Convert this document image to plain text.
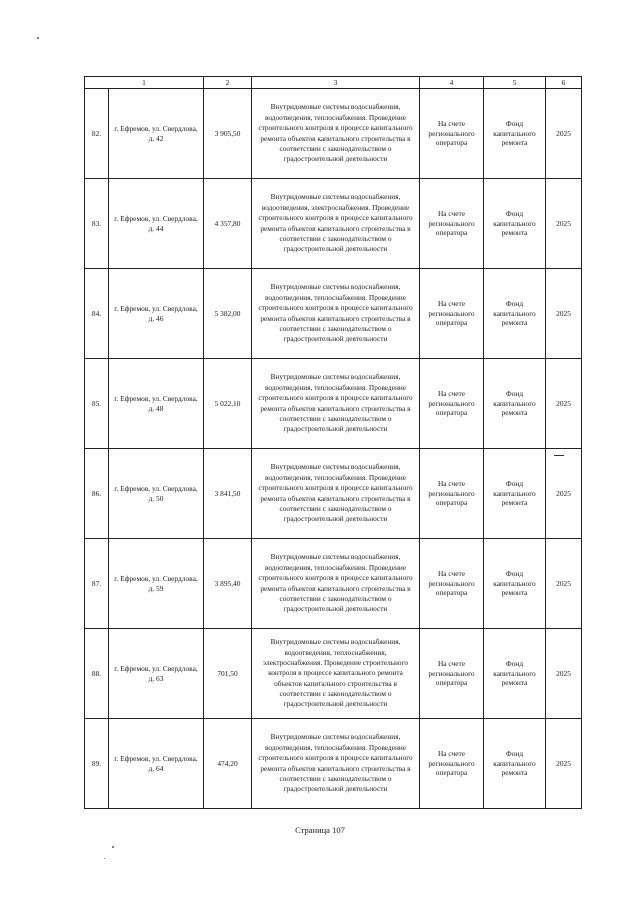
1		2	3	4	5	6
82.	г. Ефремов, ул. Свердлова, д. 42	3 905,50	Внутридомовые системы водоснабжения, водоотведения, теплоснабжения. Проведение строительного контроля в процессе капитального ремонта объектов капитального строительства в соответствии с законодательством о градостроительной деятельности	На счете регионального оператора	Фонд капитального ремонта	2025
83.	г. Ефремов, ул. Свердлова, д. 44	4 357,80	Внутридомовые системы водоснабжения, водоотведения, электроснабжения. Проведение строительного контроля в процессе капитального ремонта объектов капитального строительства в соответствии с законодательством о градостроительной деятельности	На счете регионального оператора	Фонд капитального ремонта	2025
84.	г. Ефремов, ул. Свердлова, д. 46	5 382,00	Внутридомовые системы водоснабжения, водоотведения, теплоснабжения. Проведение строительного контроля в процессе капитального ремонта объектов капитального строительства в соответствии с законодательством о градостроительной деятельности	На счете регионального оператора	Фонд капитального ремонта	2025
85.	г. Ефремов, ул. Свердлова, д. 48	5 022,10	Внутридомовые системы водоснабжения, водоотведения, теплоснабжения. Проведение строительного контроля в процессе капитального ремонта объектов капитального строительства в соответствии с законодательством о градостроительной деятельности	На счете регионального оператора	Фонд капитального ремонта	2025
86.	г. Ефремов, ул. Свердлова, д. 50	3 841,50	Внутридомовые системы водоснабжения, водоотведения, теплоснабжения. Проведение строительного контроля в процессе капитального ремонта объектов капитального строительства в соответствии с законодательством о градостроительной деятельности	На счете регионального оператора	Фонд капитального ремонта	2025
87.	г. Ефремов, ул. Свердлова, д. 59	3 895,40	Внутридомовые системы водоснабжения, водоотведения, теплоснабжения. Проведение строительного контроля в процессе капитального ремонта объектов капитального строительства в соответствии с законодательством о градостроительной деятельности	На счете регионального оператора	Фонд капитального ремонта	2025
88.	г. Ефремов, ул. Свердлова, д. 63	701,50	Внутридомовые системы водоснабжения, водоотведения, теплоснабжения, электроснабжения. Проведение строительного контроля в процессе капитального ремонта объектов капитального строительства в соответствии с законодательством о градостроительной деятельности	На счете регионального оператора	Фонд капитального ремонта	2025
89.	г. Ефремов, ул. Свердлова, д. 64	474,20	Внутридомовые системы водоснабжения, водоотведения, теплоснабжения. Проведение строительного контроля в процессе капитального ремонта объектов капитального строительства в соответствии с законодательством о градостроительной деятельности	На счете регионального оператора	Фонд капитального ремонта	2025
Страница 107
